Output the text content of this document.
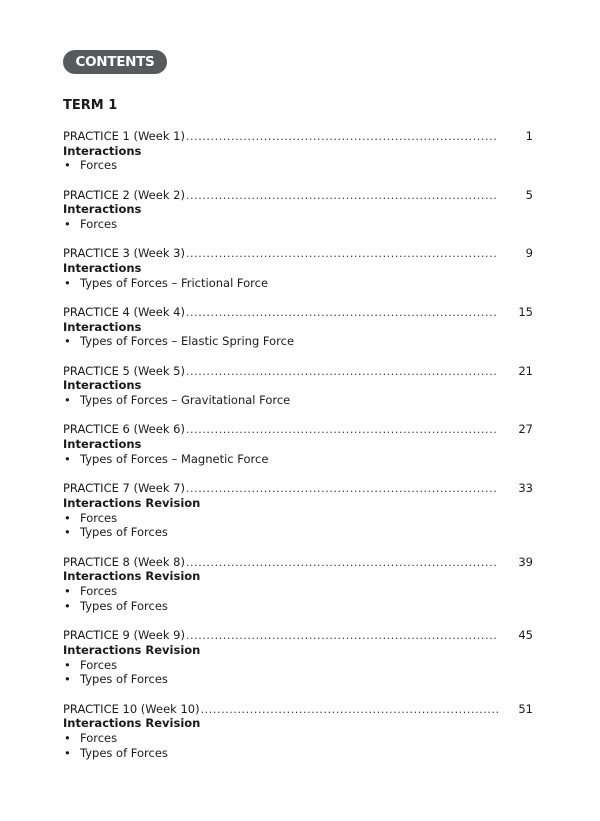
CONTENTS
TERM 1
PRACTICE 1 (Week 1) .....	1
Interactions
• Forces
PRACTICE 2 (Week 2) .....	5
Interactions
• Forces
PRACTICE 3 (Week 3) .....	9
Interactions
• Types of Forces – Frictional Force
PRACTICE 4 (Week 4) .....	15
Interactions
• Types of Forces – Elastic Spring Force
PRACTICE 5 (Week 5) .....	21
Interactions
• Types of Forces – Gravitational Force
PRACTICE 6 (Week 6) .....	27
Interactions
• Types of Forces – Magnetic Force
PRACTICE 7 (Week 7) .....	33
Interactions Revision
• Forces
• Types of Forces
PRACTICE 8 (Week 8) .....	39
Interactions Revision
• Forces
• Types of Forces
PRACTICE 9 (Week 9) .....	45
Interactions Revision
• Forces
• Types of Forces
PRACTICE 10 (Week 10) .....	51
Interactions Revision
• Forces
• Types of Forces
